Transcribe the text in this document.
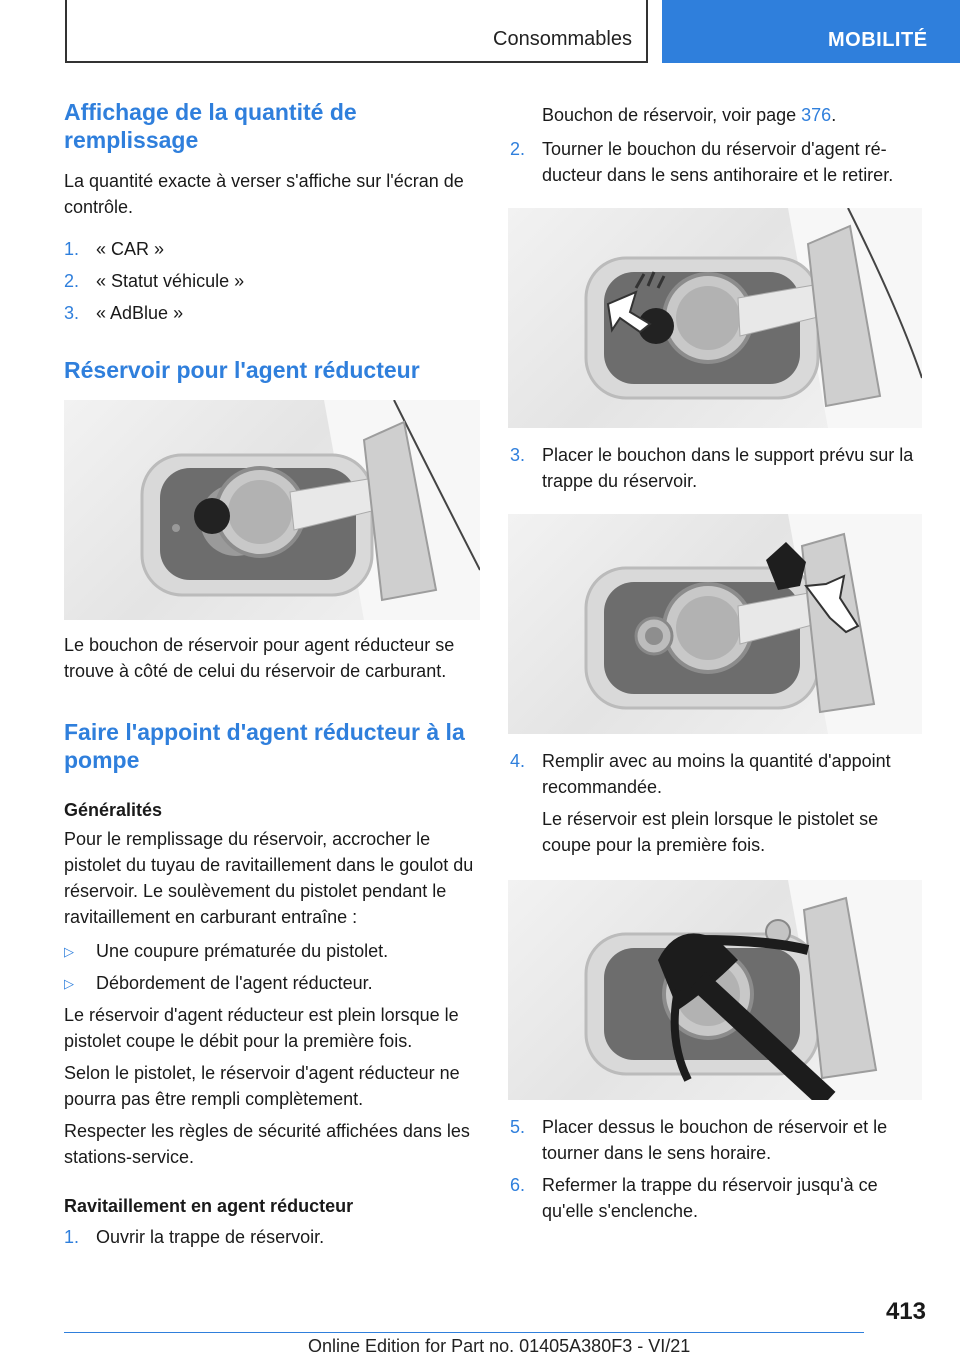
Consommables	MOBILITÉ
Affichage de la quantité de remplissage

La quantité exacte à verser s'affiche sur l'écran de contrôle.

1. « CAR »
2. « Statut véhicule »
3. « AdBlue »
Réservoir pour l'agent réducteur

Le bouchon de réservoir pour agent réducteur se trouve à côté de celui du réservoir de carburant.

Faire l'appoint d'agent réducteur à la pompe
Généralités

Pour le remplissage du réservoir, accrocher le pistolet du tuyau de ravitaillement dans le goulot du réservoir. Le soulèvement du pistolet pendant le ravitaillement en carburant entraîne :

▷ Une coupure prématurée du pistolet.
▷ Débordement de l'agent réducteur.

Le réservoir d'agent réducteur est plein lorsque le pistolet coupe le débit pour la première fois.

Selon le pistolet, le réservoir d'agent réducteur ne pourra pas être rempli complètement.

Respecter les règles de sécurité affichées dans les stations-service.

Ravitaillement en agent réducteur
1. Ouvrir la trappe de réservoir.

Bouchon de réservoir, voir page 376.

2. Tourner le bouchon du réservoir d'agent réducteur dans le sens antihoraire et le retirer.
3. Placer le bouchon dans le support prévu sur la trappe du réservoir.
4. Remplir avec au moins la quantité d'appoint recommandée.

Le réservoir est plein lorsque le pistolet se coupe pour la première fois.

5. Placer dessus le bouchon de réservoir et le tourner dans le sens horaire.
6. Refermer la trappe du réservoir jusqu'à ce qu'elle s'enclenche.
413
Online Edition for Part no. 01405A380F3 - VI/21
